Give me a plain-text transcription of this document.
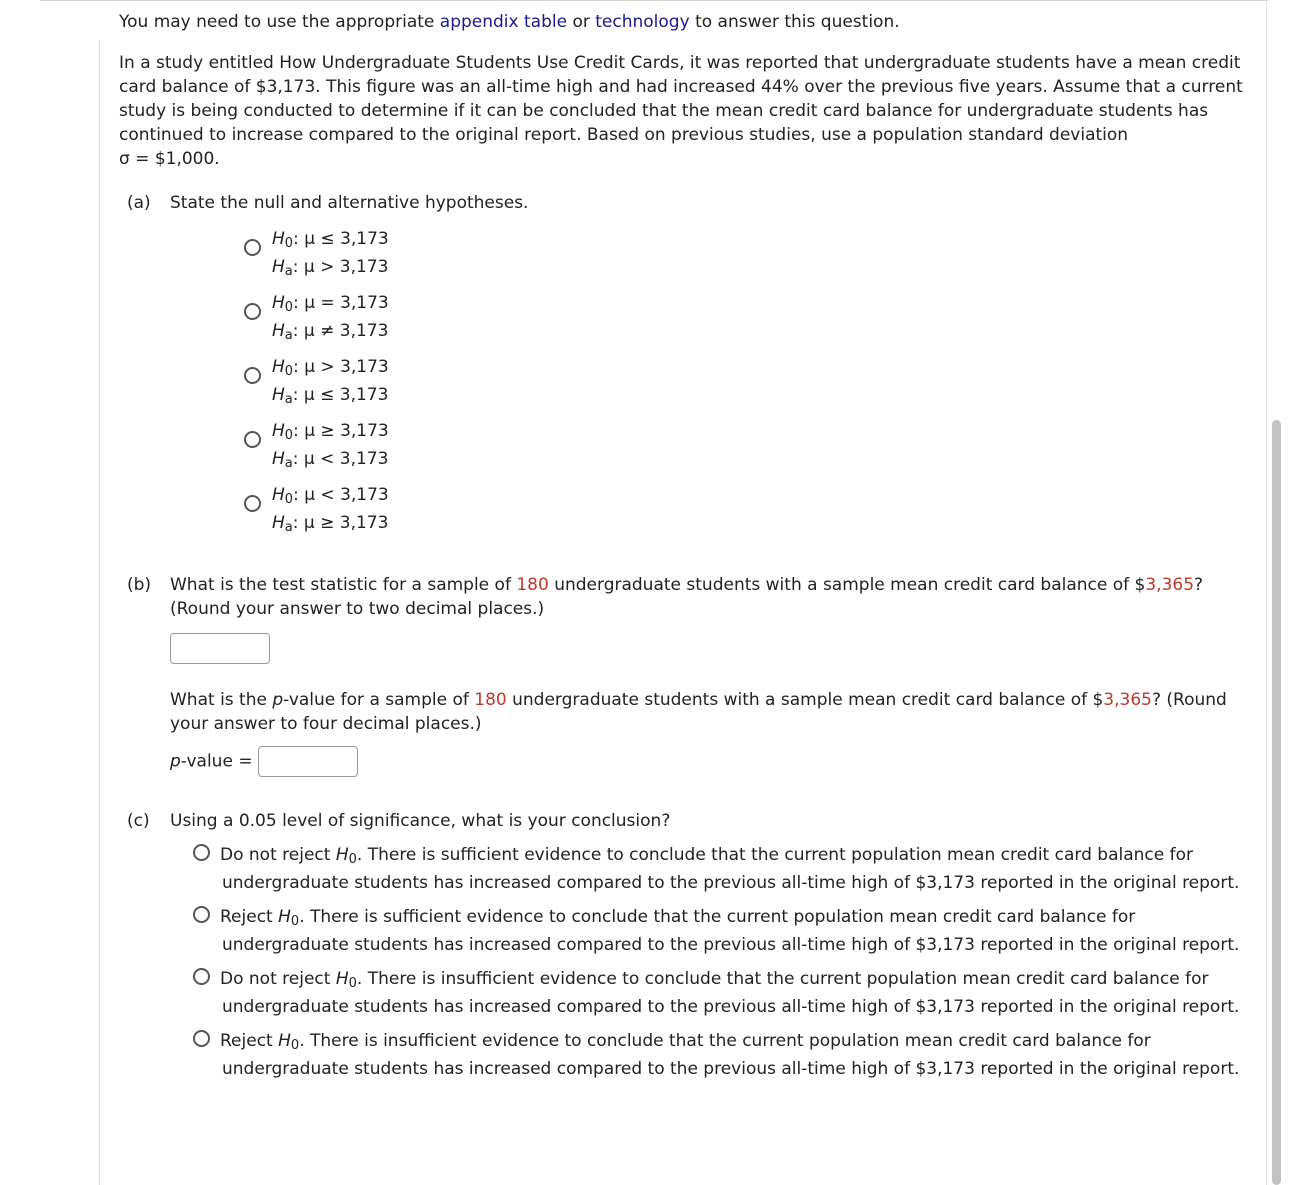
You may need to use the appropriate appendix table or technology to answer this question.

In a study entitled How Undergraduate Students Use Credit Cards, it was reported that undergraduate students have a mean credit card balance of $3,173. This figure was an all-time high and had increased 44% over the previous five years. Assume that a current study is being conducted to determine if it can be concluded that the mean credit card balance for undergraduate students has continued to increase compared to the original report. Based on previous studies, use a population standard deviation

σ = $1,000.

(a) State the null and alternative hypotheses.

$H_0$: μ ≤ 3,173
$H_a$: μ > 3,173
$H_0$: μ = 3,173
$H_a$: μ ≠ 3,173
$H_0$: μ > 3,173
$H_a$: μ ≤ 3,173
$H_0$: μ ≥ 3,173
$H_a$: μ < 3,173
$H_0$: μ < 3,173
$H_a$: μ ≥ 3,173
(b) What is the test statistic for a sample of 180 undergraduate students with a sample mean credit card balance of $3,365? (Round your answer to two decimal places.)

What is the p-value for a sample of 180 undergraduate students with a sample mean credit card balance of $3,365? (Round your answer to four decimal places.)

p-value =

(c) Using a 0.05 level of significance, what is your conclusion?

Do not reject $H_0$. There is sufficient evidence to conclude that the current population mean credit card balance for
undergraduate students has increased compared to the previous all-time high of $3,173 reported in the original report.
Reject $H_0$. There is sufficient evidence to conclude that the current population mean credit card balance for
undergraduate students has increased compared to the previous all-time high of $3,173 reported in the original report.
Do not reject $H_0$. There is insufficient evidence to conclude that the current population mean credit card balance for
undergraduate students has increased compared to the previous all-time high of $3,173 reported in the original report.
Reject $H_0$. There is insufficient evidence to conclude that the current population mean credit card balance for
undergraduate students has increased compared to the previous all-time high of $3,173 reported in the original report.
